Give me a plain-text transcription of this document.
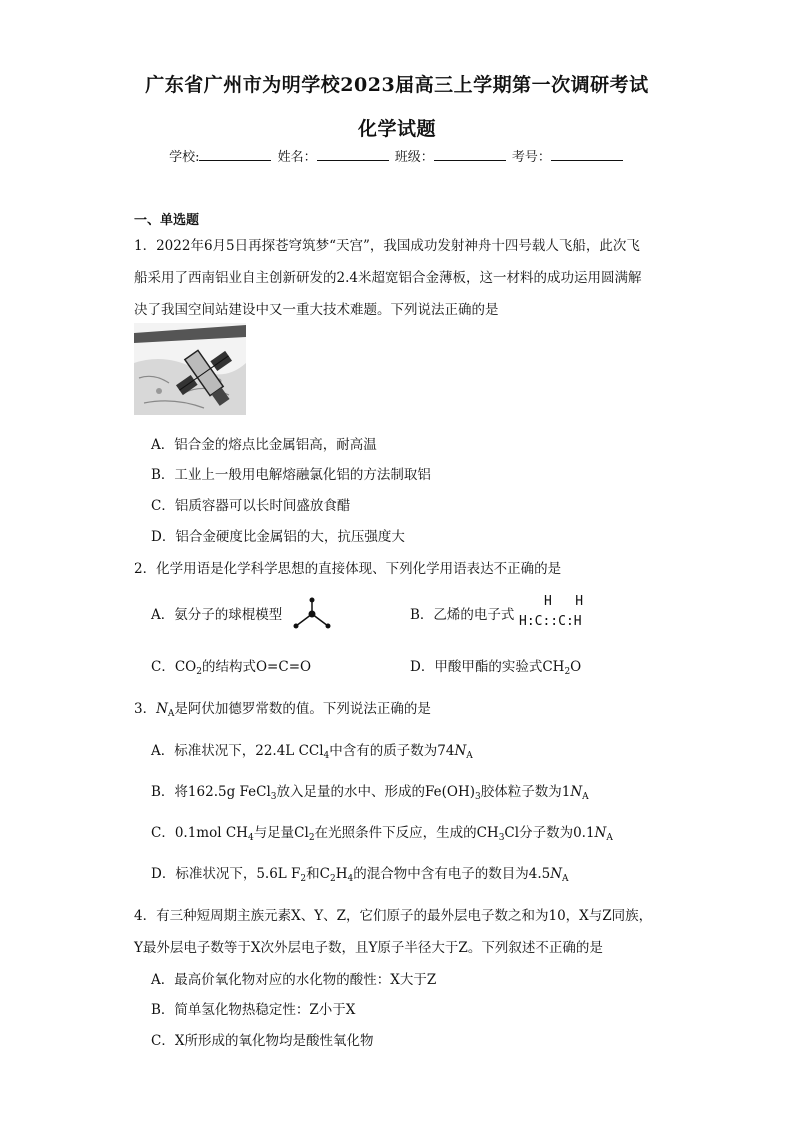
广东省广州市为明学校2023届高三上学期第一次调研考试
化学试题
学校:	姓名：	班级：	考号：
一、单选题
1．2022年6月5日再探苍穹筑梦“天宫”，我国成功发射神舟十四号载人飞船，此次飞
船采用了西南铝业自主创新研发的2.4米超宽铝合金薄板，这一材料的成功运用圆满解
决了我国空间站建设中又一重大技术难题。下列说法正确的是
A．铝合金的熔点比金属铝高，耐高温
B．工业上一般用电解熔融氯化铝的方法制取铝
C．铝质容器可以长时间盛放食醋
D．铝合金硬度比金属铝的大，抗压强度大
2．化学用语是化学科学思想的直接体现、下列化学用语表达不正确的是
A．氨分子的球棍模型	B．乙烯的电子式
H   H
H:C::C:H
C．$CO_2$的结构式O=C=O	D．甲酸甲酯的实验式$CH_2O$
3．$N_A$是阿伏加德罗常数的值。下列说法正确的是
A．标准状况下，22.4L CCl$_4$中含有的质子数为$74N_A$
B．将162.5g FeCl$_3$放入足量的水中、形成的$Fe(OH)_3$胶体粒子数为$1N_A$
C．0.1mol $CH_4$与足量$Cl_2$在光照条件下反应，生成的$CH_3Cl$分子数为$0.1N_A$
D．标准状况下，5.6L $F_2$和$C_2H_4$的混合物中含有电子的数目为$4.5N_A$
4．有三种短周期主族元素X、Y、Z，它们原子的最外层电子数之和为10，X与Z同族，
Y最外层电子数等于X次外层电子数，且Y原子半径大于Z。下列叙述不正确的是
A．最高价氧化物对应的水化物的酸性：X大于Z
B．简单氢化物热稳定性：Z小于X
C．X所形成的氧化物均是酸性氧化物
